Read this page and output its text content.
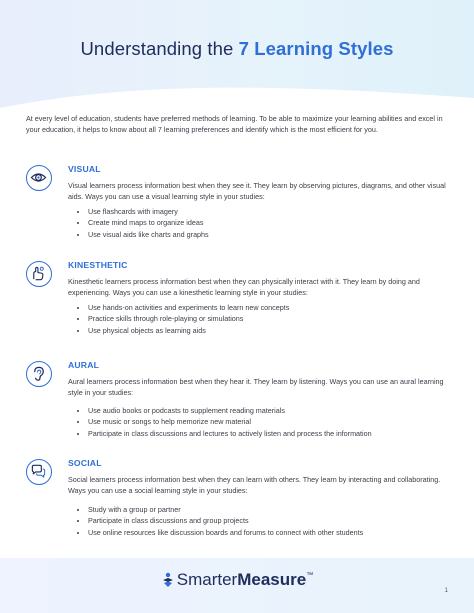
Understanding the 7 Learning Styles
At every level of education, students have preferred methods of learning. To be able to maximize your learning abilities and excel in your education, it helps to know about all 7 learning preferences and identify which is the most efficient for you.
VISUAL
Visual learners process information best when they see it. They learn by observing pictures, diagrams, and other visual aids. Ways you can use a visual learning style in your studies:
• Use flashcards with imagery
• Create mind maps to organize ideas
• Use visual aids like charts and graphs
KINESTHETIC
Kinesthetic learners process information best when they can physically interact with it. They learn by doing and experiencing. Ways you can use a kinesthetic learning style in your studies:
• Use hands-on activities and experiments to learn new concepts
• Practice skills through role-playing or simulations
• Use physical objects as learning aids
AURAL
Aural learners process information best when they hear it. They learn by listening. Ways you can use an aural learning style in your studies:
• Use audio books or podcasts to supplement reading materials
• Use music or songs to help memorize new material
• Participate in class discussions and lectures to actively listen and process the information
SOCIAL
Social learners process information best when they can learn with others. They learn by interacting and collaborating. Ways you can use a social learning style in your studies:
• Study with a group or partner
• Participate in class discussions and group projects
• Use online resources like discussion boards and forums to connect with other students
SmarterMeasure™
1
